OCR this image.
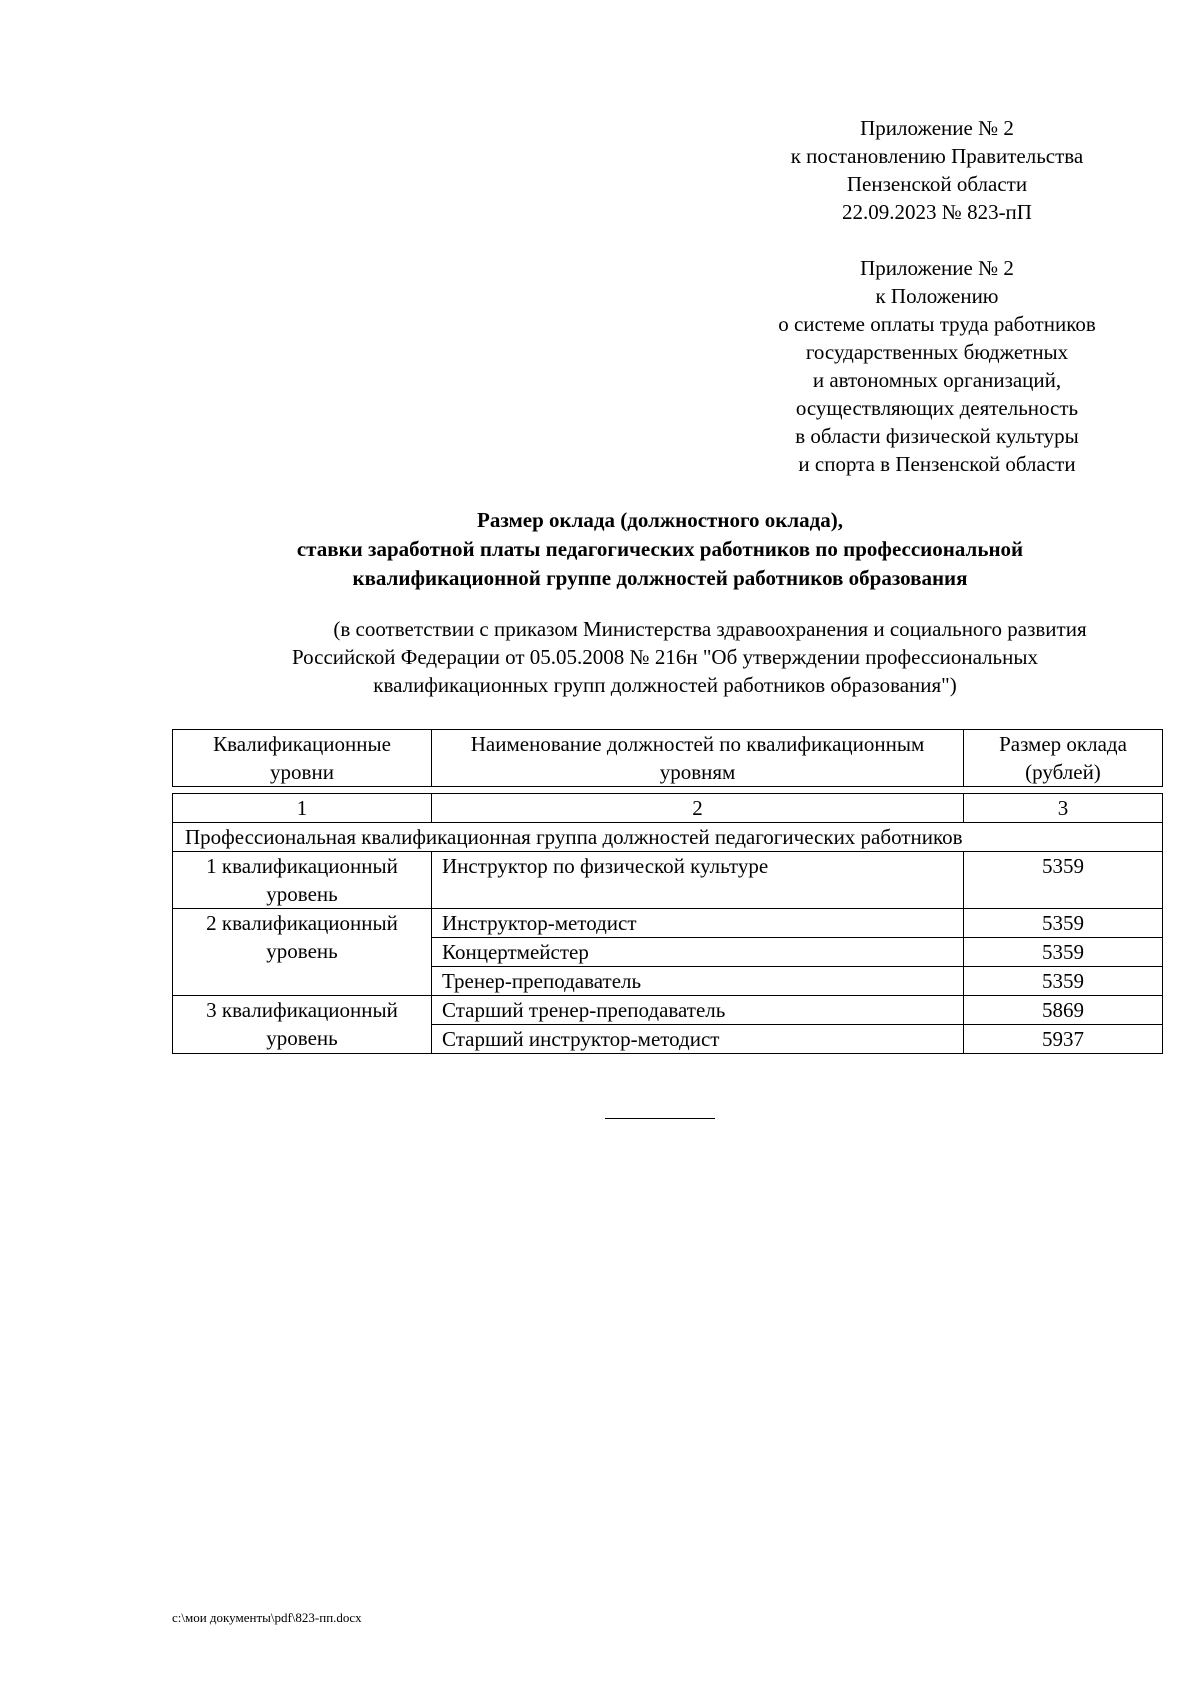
Приложение № 2
к постановлению Правительства
Пензенской области
22.09.2023 № 823-пП
Приложение № 2
к Положению
о системе оплаты труда работников
государственных бюджетных
и автономных организаций,
осуществляющих деятельность
в области физической культуры
и спорта в Пензенской области
Размер оклада (должностного оклада),
ставки заработной платы педагогических работников по профессиональной
квалификационной группе должностей работников образования
(в соответствии с приказом Министерства здравоохранения и социального развития
Российской Федерации от 05.05.2008 № 216н "Об утверждении профессиональных
квалификационных групп должностей работников образования")
Квалификационные уровни	Наименование должностей по квалификационным уровням	Размер оклада (рублей)
1	2	3
Профессиональная квалификационная группа должностей педагогических работников		
1 квалификационный уровень	Инструктор по физической культуре	5359
2 квалификационный уровень	Инструктор-методист	5359
	Концертмейстер	5359
	Тренер-преподаватель	5359
3 квалификационный уровень	Старший тренер-преподаватель	5869
	Старший инструктор-методист	5937
c:\мои документы\pdf\823-пп.docx
